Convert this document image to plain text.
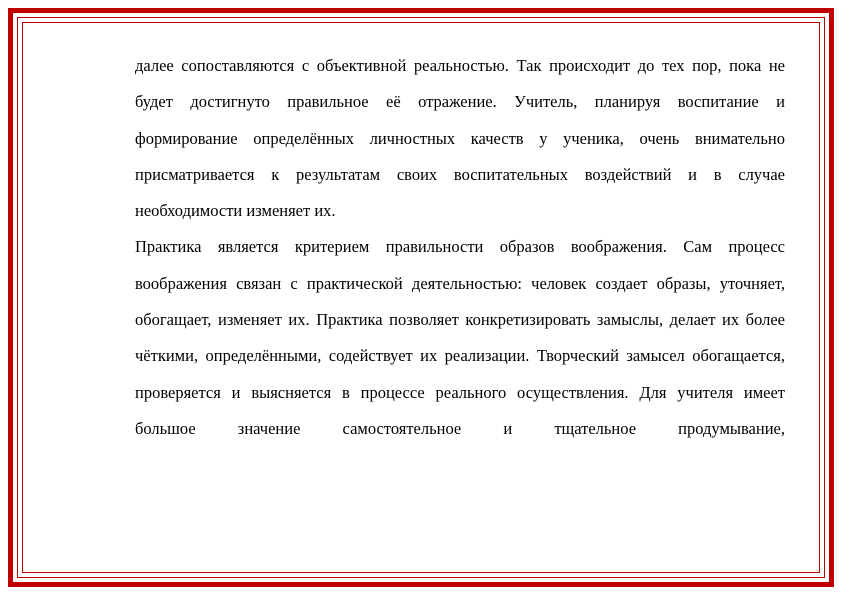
далее сопоставляются с объективной реальностью. Так происходит до тех пор, пока не будет достигнуто правильное её отражение. Учитель, планируя воспитание и формирование определённых личностных качеств у ученика, очень внимательно присматривается к результатам своих воспитательных воздействий и в случае необходимости изменяет их.

Практика является критерием правильности образов воображения. Сам процесс воображения связан с практической деятельностью: человек создает образы, уточняет, обогащает, изменяет их. Практика позволяет конкретизировать замыслы, делает их более чёткими, определёнными, содействует их реализации. Творческий замысел обогащается, проверяется и выясняется в процессе реального осуществления. Для учителя имеет большое значение самостоятельное и тщательное продумывание,
